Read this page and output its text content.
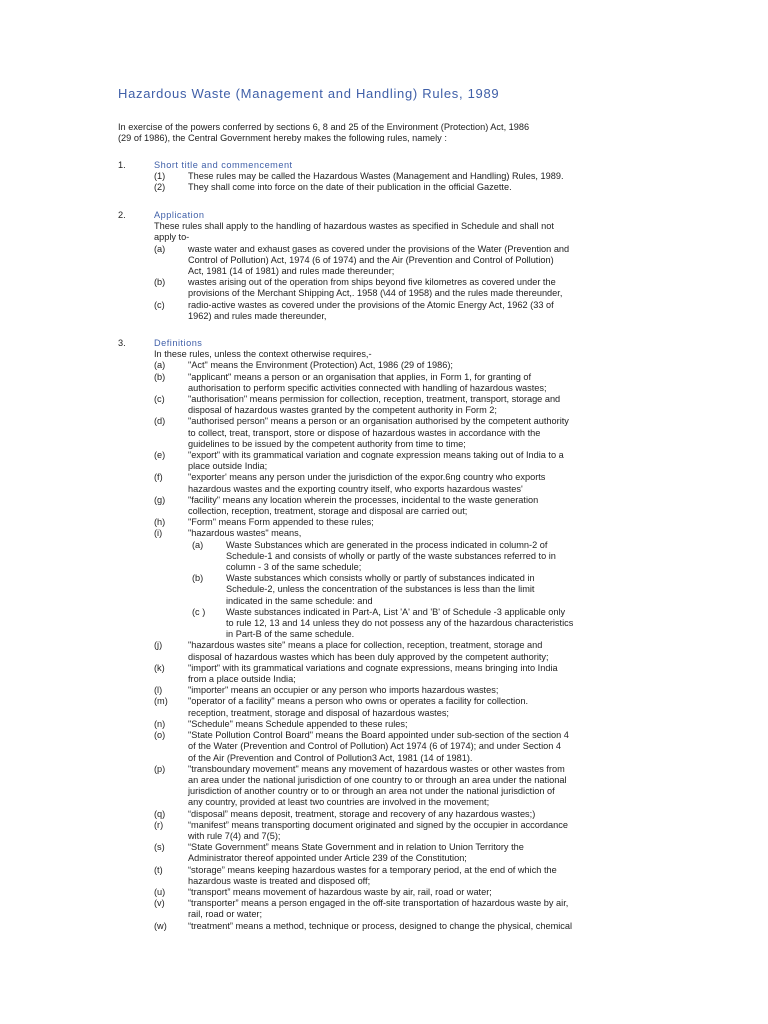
Hazardous Waste (Management and Handling) Rules, 1989
In exercise of the powers conferred by sections 6, 8 and 25 of the Environment (Protection) Act, 1986
(29 of 1986), the Central Government hereby makes the following rules, namely :
1.	Short title and commencement
(1)	These rules may be called the Hazardous Wastes (Management and Handling) Rules, 1989.
(2)	They shall come into force on the date of their publication in the official Gazette.
2.	Application
These rules shall apply to the handling of hazardous wastes as specified in Schedule and shall not
apply to-
(a)	waste water and exhaust gases as covered under the provisions of the Water (Prevention and
Control of Pollution) Act, 1974 (6 of 1974) and the Air (Prevention and Control of Pollution)
Act, 1981 (14 of 1981) and rules made thereunder;
(b)	wastes arising out of the operation from ships beyond five kilometres as covered under the
provisions of the Merchant Shipping Act,. 1958 (\44 of 1958) and the rules made thereunder,
(c)	radio-active wastes as covered under the provisions of the Atomic Energy Act, 1962 (33 of
1962) and rules made thereunder,
3.	Definitions
In these rules, unless the context otherwise requires,-
(a)	"Act" means the Environment (Protection) Act, 1986 (29 of 1986);
(b)	"applicant" means a person or an organisation that applies, in Form 1, for granting of
authorisation to perform specific activities connected with handling of hazardous wastes;
(c)	"authorisation" means permission for collection, reception, treatment, transport, storage and
disposal of hazardous wastes granted by the competent authority in Form 2;
(d)	"authorised person" means a person or an organisation authorised by the competent authority
to collect, treat, transport, store or dispose of hazardous wastes in accordance with the
guidelines to be issued by the competent authority from time to time;
(e)	"export" with its grammatical variation and cognate expression means taking out of India to a
place outside India;
(f)	"exporter' means any person under the jurisdiction of the expor.6ng country who exports
hazardous wastes and the exporting country itself, who exports hazardous wastes'
(g)	"facility" means any location wherein the processes, incidental to the waste generation
collection, reception, treatment, storage and disposal are carried out;
(h)	"Form" means Form appended to these rules;
(i)	"hazardous wastes" means,
(a)	Waste Substances which are generated in the process indicated in column-2 of
Schedule-1 and consists of wholly or partly of the waste substances referred to in
column - 3 of the same schedule;
(b)	Waste substances which consists wholly or partly of substances indicated in
Schedule-2, unless the concentration of the substances is less than the limit
indicated in the same schedule: and
(c )	Waste substances indicated in Part-A, List 'A' and 'B' of Schedule -3 applicable only
to rule 12, 13 and 14 unless they do not possess any of the hazardous characteristics
in Part-B of the same schedule.
(j)	"hazardous wastes site" means a place for collection, reception, treatment, storage and
disposal of hazardous wastes which has been duly approved by the competent authority;
(k)	"import" with its grammatical variations and cognate expressions, means bringing into India
from a place outside India;
(l)	"importer" means an occupier or any person who imports hazardous wastes;
(m)	"operator of a facility" means a person who owns or operates a facility for collection.
reception, treatment, storage and disposal of hazardous wastes;
(n)	"Schedule" means Schedule appended to these rules;
(o)	"State Pollution Control Board" means the Board appointed under sub-section of the section 4
of the Water (Prevention and Control of Pollution) Act 1974 (6 of 1974); and under Section 4
of the Air (Prevention and Control of Pollution3 Act, 1981 (14 of 1981).
(p)	"transboundary movement" means any movement of hazardous wastes or other wastes from
an area under the national jurisdiction of one country to or through an area under the national
jurisdiction of another country or to or through an area not under the national jurisdiction of
any country, provided at least two countries are involved in the movement;
(q)	“disposal” means deposit, treatment, storage and recovery of any hazardous wastes;)
(r)	“manifest” means transporting document originated and signed by the occupier in accordance
with rule 7(4) and 7(5);
(s)	“State Government” means State Government and in relation to Union Territory the
Administrator thereof appointed under Article 239 of the Constitution;
(t)	“storage” means keeping hazardous wastes for a temporary period, at the end of which the
hazardous waste is treated and disposed off;
(u)	“transport” means movement of hazardous waste by air, rail, road or water;
(v)	“transporter” means a person engaged in the off-site transportation of hazardous waste by air,
rail, road or water;
(w)	“treatment” means a method, technique or process, designed to change the physical, chemical
